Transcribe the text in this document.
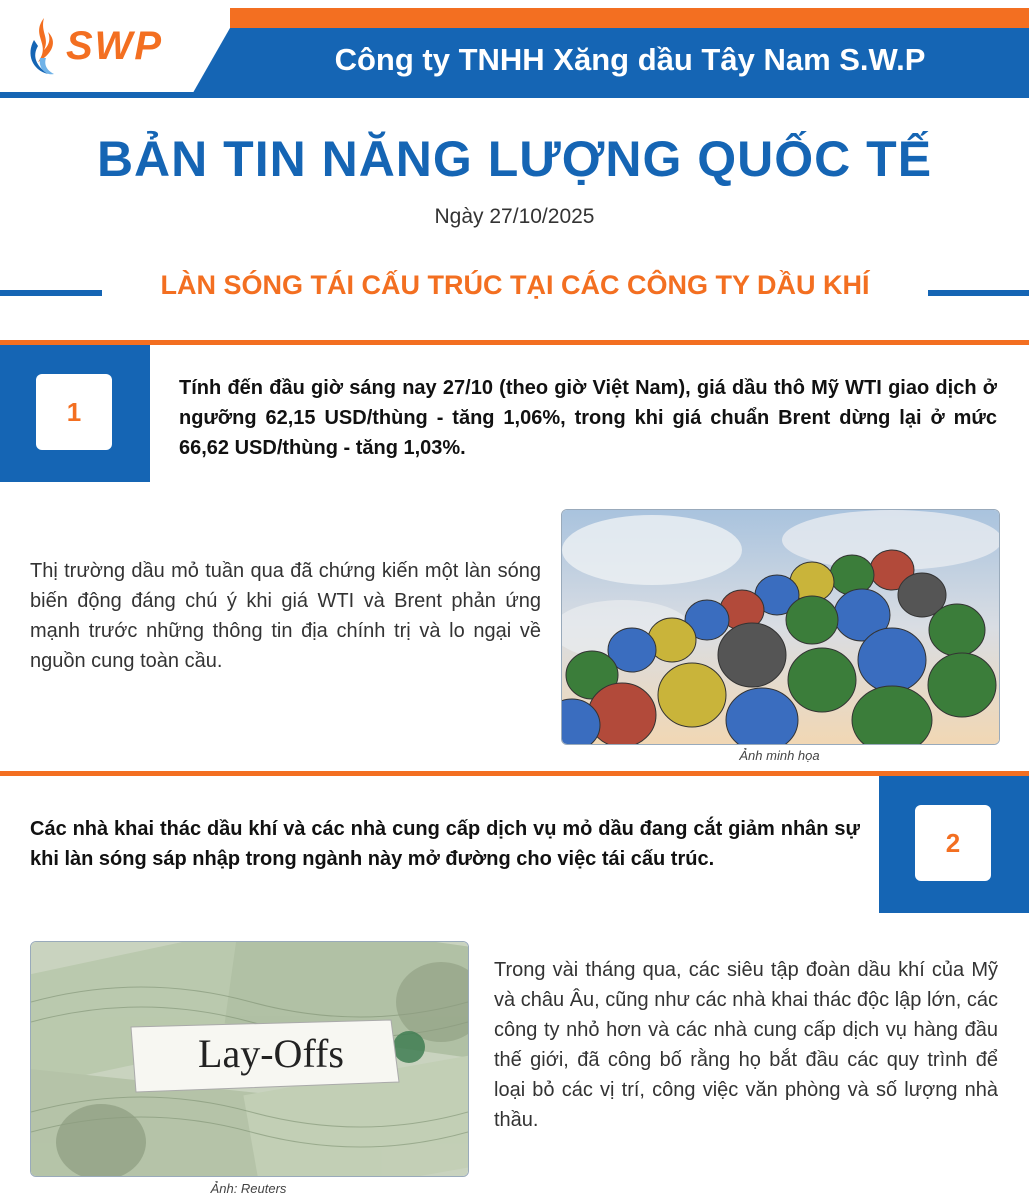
SWP	Công ty TNHH Xăng dầu Tây Nam S.W.P
BẢN TIN NĂNG LƯỢNG QUỐC TẾ
Ngày 27/10/2025
LÀN SÓNG TÁI CẤU TRÚC TẠI CÁC CÔNG TY DẦU KHÍ
1
Tính đến đầu giờ sáng nay 27/10 (theo giờ Việt Nam), giá dầu thô Mỹ WTI giao dịch ở ngưỡng 62,15 USD/thùng - tăng 1,06%, trong khi giá chuẩn Brent dừng lại ở mức 66,62 USD/thùng - tăng 1,03%.
Thị trường dầu mỏ tuần qua đã chứng kiến một làn sóng biến động đáng chú ý khi giá WTI và Brent phản ứng mạnh trước những thông tin địa chính trị và lo ngại về nguồn cung toàn cầu.
Ảnh minh họa
2
Các nhà khai thác dầu khí và các nhà cung cấp dịch vụ mỏ dầu đang cắt giảm nhân sự khi làn sóng sáp nhập trong ngành này mở đường cho việc tái cấu trúc.
Lay-Offs
Ảnh: Reuters
Trong vài tháng qua, các siêu tập đoàn dầu khí của Mỹ và châu Âu, cũng như các nhà khai thác độc lập lớn, các công ty nhỏ hơn và các nhà cung cấp dịch vụ hàng đầu thế giới, đã công bố rằng họ bắt đầu các quy trình để loại bỏ các vị trí, công việc văn phòng và số lượng nhà thầu.
